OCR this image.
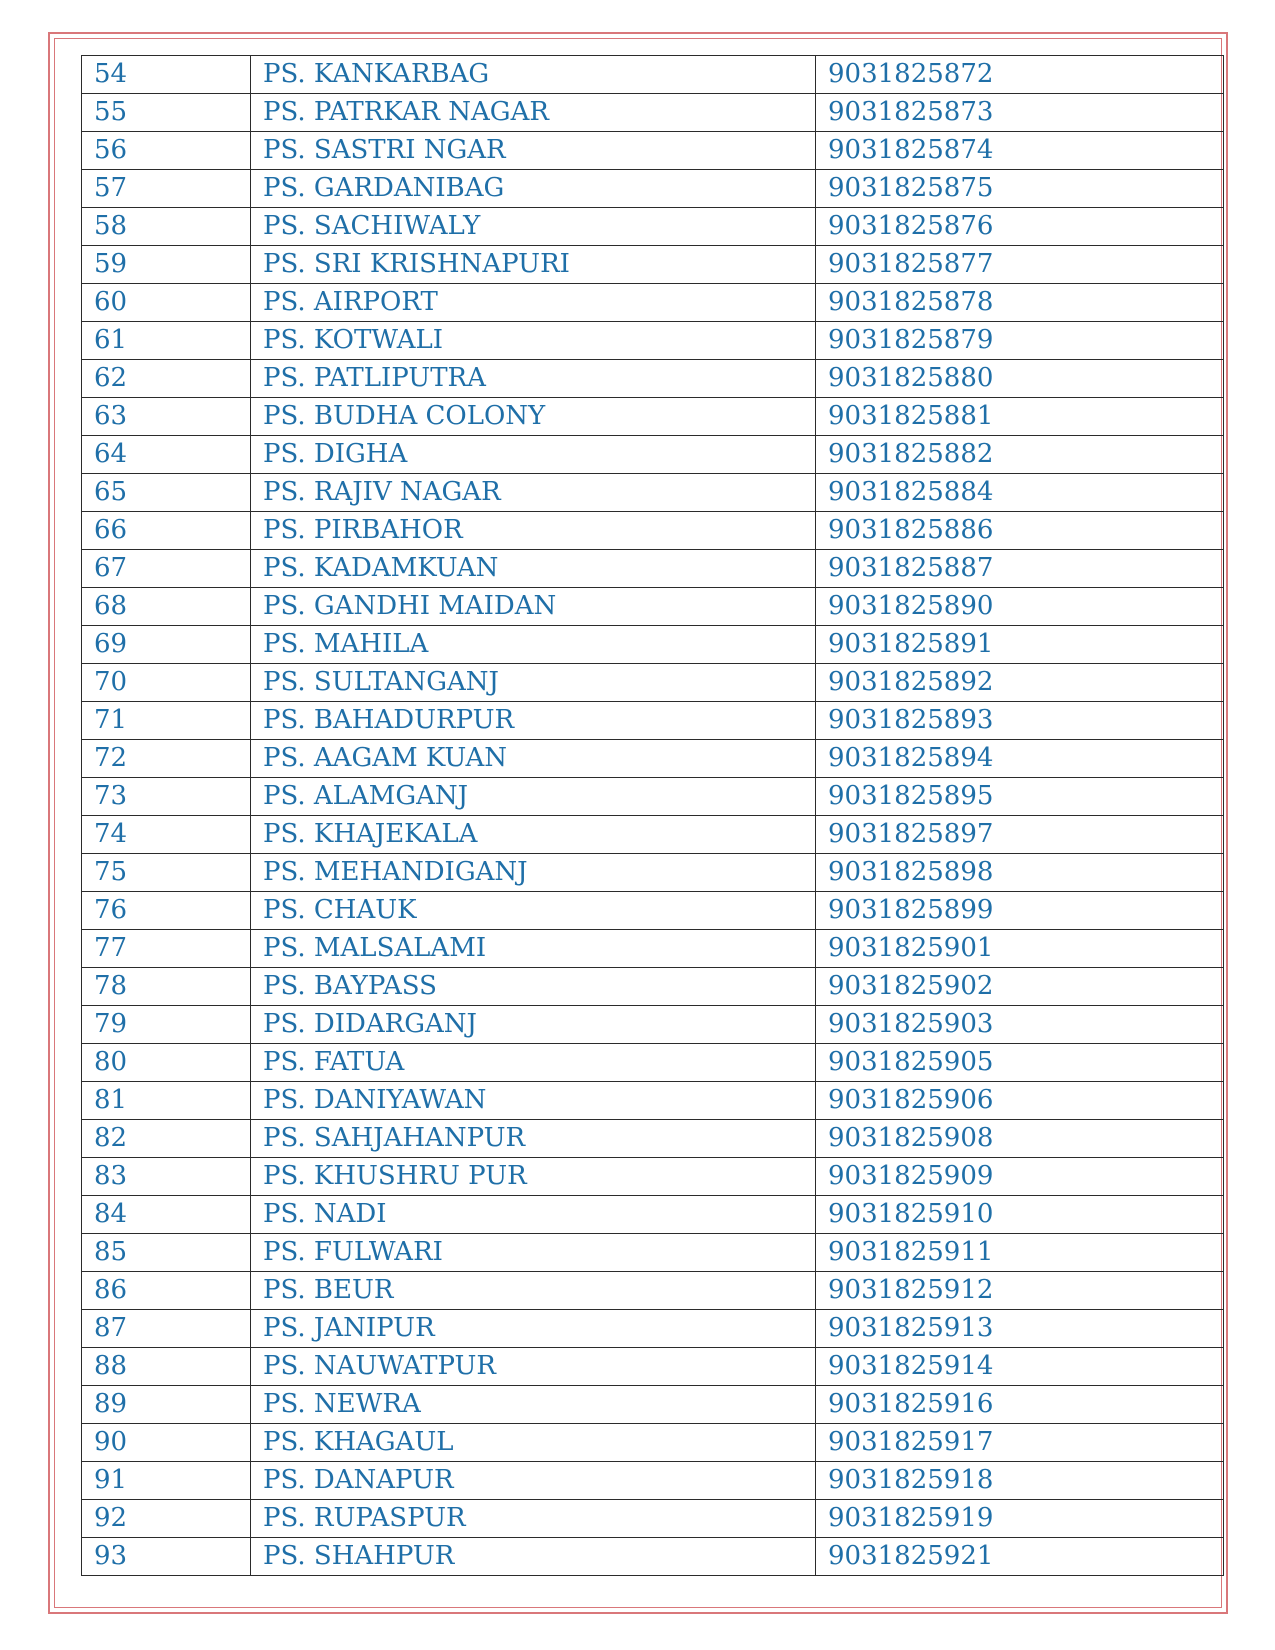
54	PS. KANKARBAG	9031825872
55	PS. PATRKAR NAGAR	9031825873
56	PS. SASTRI NGAR	9031825874
57	PS. GARDANIBAG	9031825875
58	PS. SACHIWALY	9031825876
59	PS. SRI KRISHNAPURI	9031825877
60	PS. AIRPORT	9031825878
61	PS. KOTWALI	9031825879
62	PS. PATLIPUTRA	9031825880
63	PS. BUDHA COLONY	9031825881
64	PS. DIGHA	9031825882
65	PS. RAJIV NAGAR	9031825884
66	PS. PIRBAHOR	9031825886
67	PS. KADAMKUAN	9031825887
68	PS. GANDHI MAIDAN	9031825890
69	PS. MAHILA	9031825891
70	PS. SULTANGANJ	9031825892
71	PS. BAHADURPUR	9031825893
72	PS. AAGAM KUAN	9031825894
73	PS. ALAMGANJ	9031825895
74	PS. KHAJEKALA	9031825897
75	PS. MEHANDIGANJ	9031825898
76	PS. CHAUK	9031825899
77	PS. MALSALAMI	9031825901
78	PS. BAYPASS	9031825902
79	PS. DIDARGANJ	9031825903
80	PS. FATUA	9031825905
81	PS. DANIYAWAN	9031825906
82	PS. SAHJAHANPUR	9031825908
83	PS. KHUSHRU PUR	9031825909
84	PS. NADI	9031825910
85	PS. FULWARI	9031825911
86	PS. BEUR	9031825912
87	PS. JANIPUR	9031825913
88	PS. NAUWATPUR	9031825914
89	PS. NEWRA	9031825916
90	PS. KHAGAUL	9031825917
91	PS. DANAPUR	9031825918
92	PS. RUPASPUR	9031825919
93	PS. SHAHPUR	9031825921
